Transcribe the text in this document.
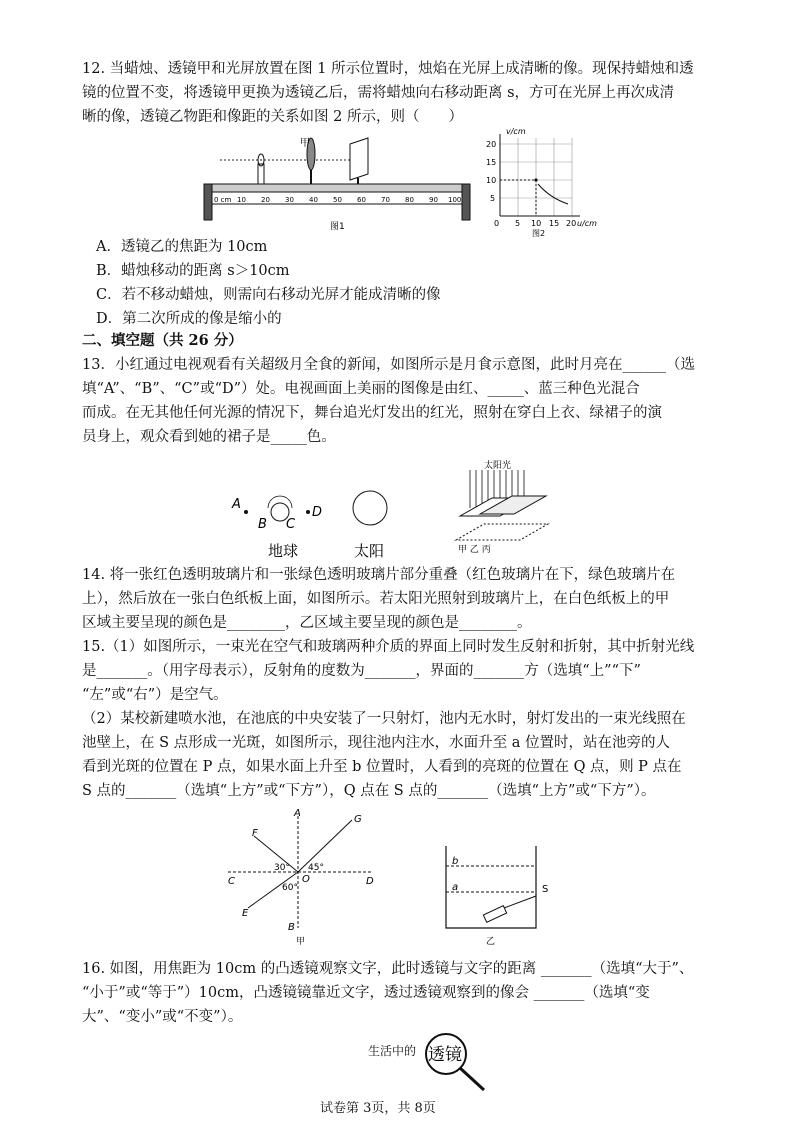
12. 当蜡烛、透镜甲和光屏放置在图 1 所示位置时，烛焰在光屏上成清晰的像。现保持蜡烛和透
镜的位置不变，将透镜甲更换为透镜乙后，需将蜡烛向右移动距离 s，方可在光屏上再次成清
晰的像，透镜乙物距和像距的关系如图 2 所示，则（　　）
甲
0 cm 10 20 30 40 50 60 70 80 90 100
图1
v/cm
20
15
10
5
0 5 10 15 20 u/cm
图2
A．透镜乙的焦距为 10cm
B．蜡烛移动的距离 s＞10cm
C．若不移动蜡烛，则需向右移动光屏才能成清晰的像
D．第二次所成的像是缩小的
二、填空题（共 26 分）
13．小红通过电视观看有关超级月全食的新闻，如图所示是月食示意图，此时月亮在______（选
填“A”、“B”、“C”或“D”）处。电视画面上美丽的图像是由红、_____、蓝三种色光混合
而成。在无其他任何光源的情况下，舞台追光灯发出的红光，照射在穿白上衣、绿裙子的演
员身上，观众看到她的裙子是_____色。
A
B C
D
地球	太阳
太阳光
甲 乙 丙
14. 将一张红色透明玻璃片和一张绿色透明玻璃片部分重叠（红色玻璃片在下，绿色玻璃片在
上），然后放在一张白色纸板上面，如图所示。若太阳光照射到玻璃片上，在白色纸板上的甲
区域主要呈现的颜色是________，乙区域主要呈现的颜色是________。
15.（1）如图所示，一束光在空气和玻璃两种介质的界面上同时发生反射和折射，其中折射光线
是_______。（用字母表示），反射角的度数为_______，界面的_______方（选填“上”“下”
“左”或“右”）是空气。
（2）某校新建喷水池，在池底的中央安装了一只射灯，池内无水时，射灯发出的一束光线照在
池壁上，在 S 点形成一光斑，如图所示，现往池内注水，水面升至 a 位置时，站在池旁的人
看到光斑的位置在 P 点，如果水面上升至 b 位置时，人看到的亮斑的位置在 Q 点，则 P 点在
S 点的_______（选填“上方”或“下方”），Q 点在 S 点的_______（选填“上方”或“下方”）。
A
B
C	D
E
F
G
O
30° 45°
60°
甲
b
a	S
乙
16. 如图，用焦距为 10cm 的凸透镜观察文字，此时透镜与文字的距离 _______（选填“大于”、
“小于”或“等于”）10cm，凸透镜镜靠近文字，透过透镜观察到的像会 _______（选填“变
大”、“变小”或“不变”）。
生活中的 透镜
试卷第 3页，共 8页
